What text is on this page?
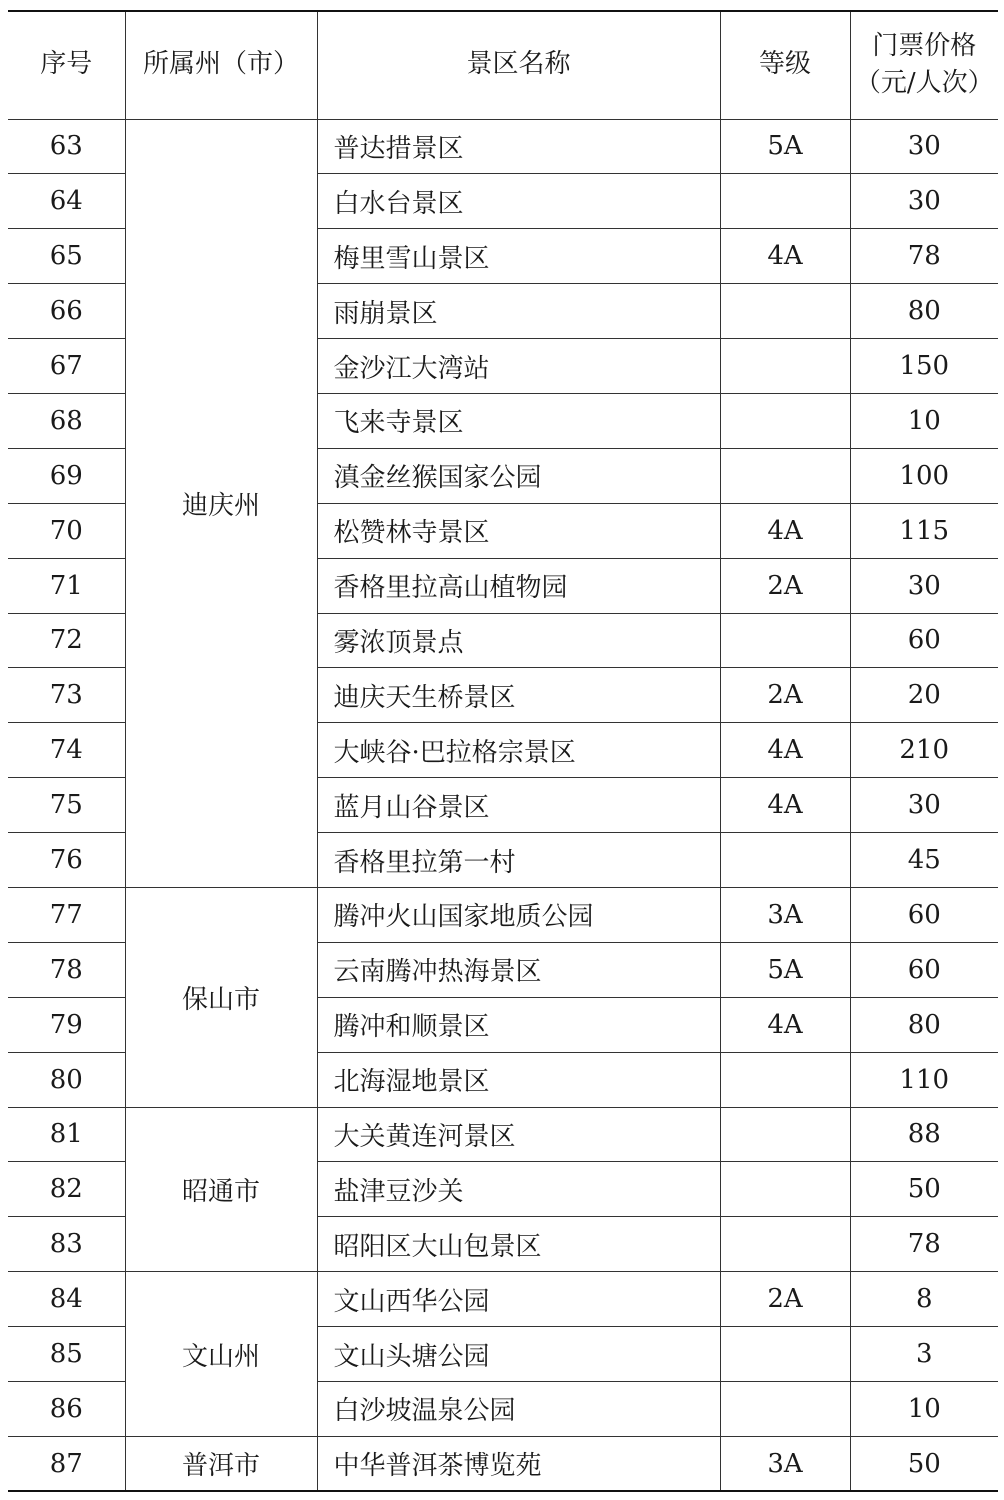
序号	所属州（市）	景区名称	等级	门票价格
（元/人次）

63	迪庆州	普达措景区	5A	30
64		白水台景区		30
65		梅里雪山景区	4A	78
66		雨崩景区		80
67		金沙江大湾站		150
68		飞来寺景区		10
69		滇金丝猴国家公园		100
70		松赞林寺景区	4A	115
71		香格里拉高山植物园	2A	30
72		雾浓顶景点		60
73		迪庆天生桥景区	2A	20
74		大峡谷·巴拉格宗景区	4A	210
75		蓝月山谷景区	4A	30
76		香格里拉第一村		45
77	保山市	腾冲火山国家地质公园	3A	60
78		云南腾冲热海景区	5A	60
79		腾冲和顺景区	4A	80
80		北海湿地景区		110
81	昭通市	大关黄连河景区		88
82		盐津豆沙关		50
83		昭阳区大山包景区		78
84	文山州	文山西华公园	2A	8
85		文山头塘公园		3
86		白沙坡温泉公园		10
87	普洱市	中华普洱茶博览苑	3A	50
